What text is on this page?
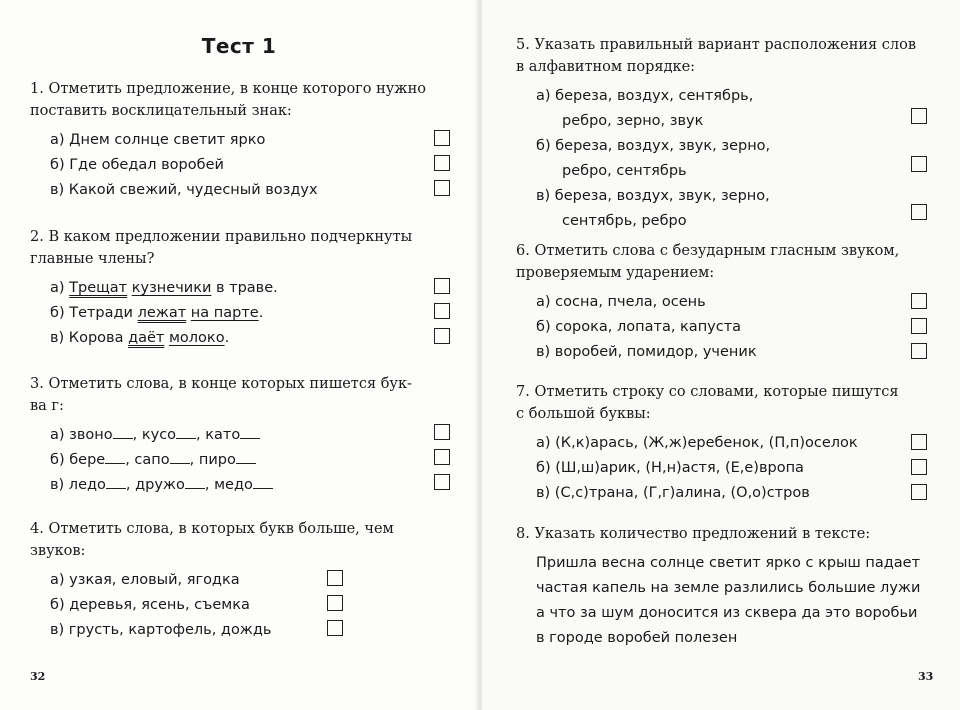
Тест 1
1. Отметить предложение, в конце которого нужно
поставить восклицательный знак:
а) Днем солнце светит ярко
б) Где обедал воробей
в) Какой свежий, чудесный воздух
2. В каком предложении правильно подчеркнуты
главные члены?
а) Трещат кузнечики в траве.
б) Тетради лежат на парте.
в) Корова даёт молоко.
3. Отметить слова, в конце которых пишется бук-
ва г:
а) звоно , кусо , като
б) бере , сапо , пиро
в) ледо , дружо , медо
4. Отметить слова, в которых букв больше, чем
звуков:
а) узкая, еловый, ягодка
б) деревья, ясень, съемка
в) грусть, картофель, дождь
32
5. Указать правильный вариант расположения слов
в алфавитном порядке:
а) береза, воздух, сентябрь,
ребро, зерно, звук
б) береза, воздух, звук, зерно,
ребро, сентябрь
в) береза, воздух, звук, зерно,
сентябрь, ребро
6. Отметить слова с безударным гласным звуком,
проверяемым ударением:
а) сосна, пчела, осень
б) сорока, лопата, капуста
в) воробей, помидор, ученик
7. Отметить строку со словами, которые пишутся
с большой буквы:
а) (К,к)арась, (Ж,ж)еребенок, (П,п)оселок
б) (Ш,ш)арик, (Н,н)астя, (Е,е)вропа
в) (С,с)трана, (Г,г)алина, (О,о)стров
8. Указать количество предложений в тексте:
Пришла весна солнце светит ярко с крыш падает
частая капель на земле разлились большие лужи
а что за шум доносится из сквера да это воробьи
в городе воробей полезен
33
